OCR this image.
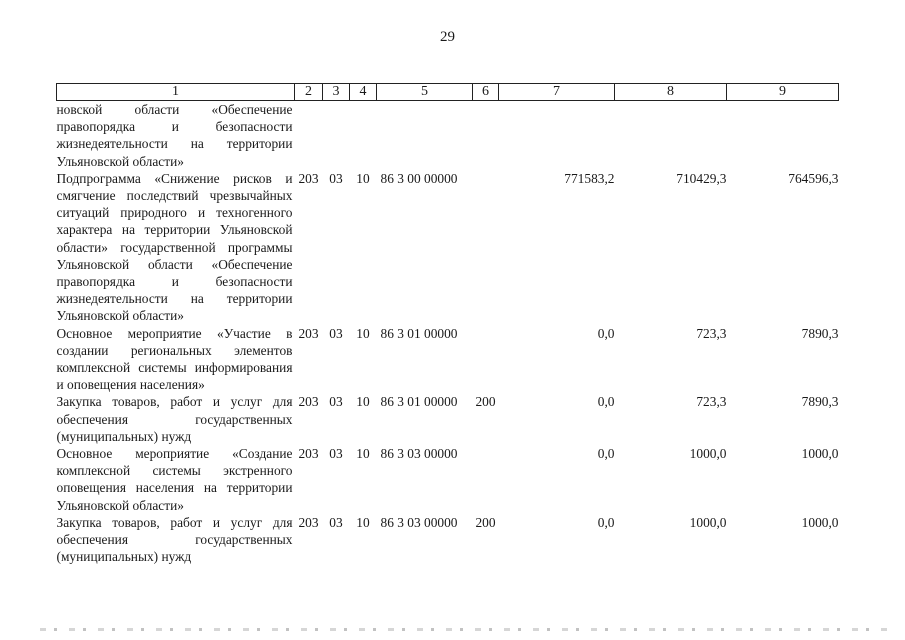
29
1	2	3	4	5	6	7	8	9
новской области «Обеспечение правопорядка и безопасности жизнедеятельности на территории Ульяновской области»								
Подпрограмма «Снижение рисков и смягчение последствий чрезвычайных ситуаций природного и техногенного характера на территории Ульяновской области» государственной программы Ульяновской области «Обеспечение правопорядка и безопасности жизнедеятельности на территории Ульяновской области»	203	03	10	86 3 00 00000		771583,2	710429,3	764596,3
Основное мероприятие «Участие в создании региональных элементов комплексной системы информирования и оповещения населения»	203	03	10	86 3 01 00000		0,0	723,3	7890,3
Закупка товаров, работ и услуг для обеспечения государственных (муниципальных) нужд	203	03	10	86 3 01 00000	200	0,0	723,3	7890,3
Основное мероприятие «Создание комплексной системы экстренного оповещения населения на территории Ульяновской области»	203	03	10	86 3 03 00000		0,0	1000,0	1000,0
Закупка товаров, работ и услуг для обеспечения государственных (муниципальных) нужд	203	03	10	86 3 03 00000	200	0,0	1000,0	1000,0
